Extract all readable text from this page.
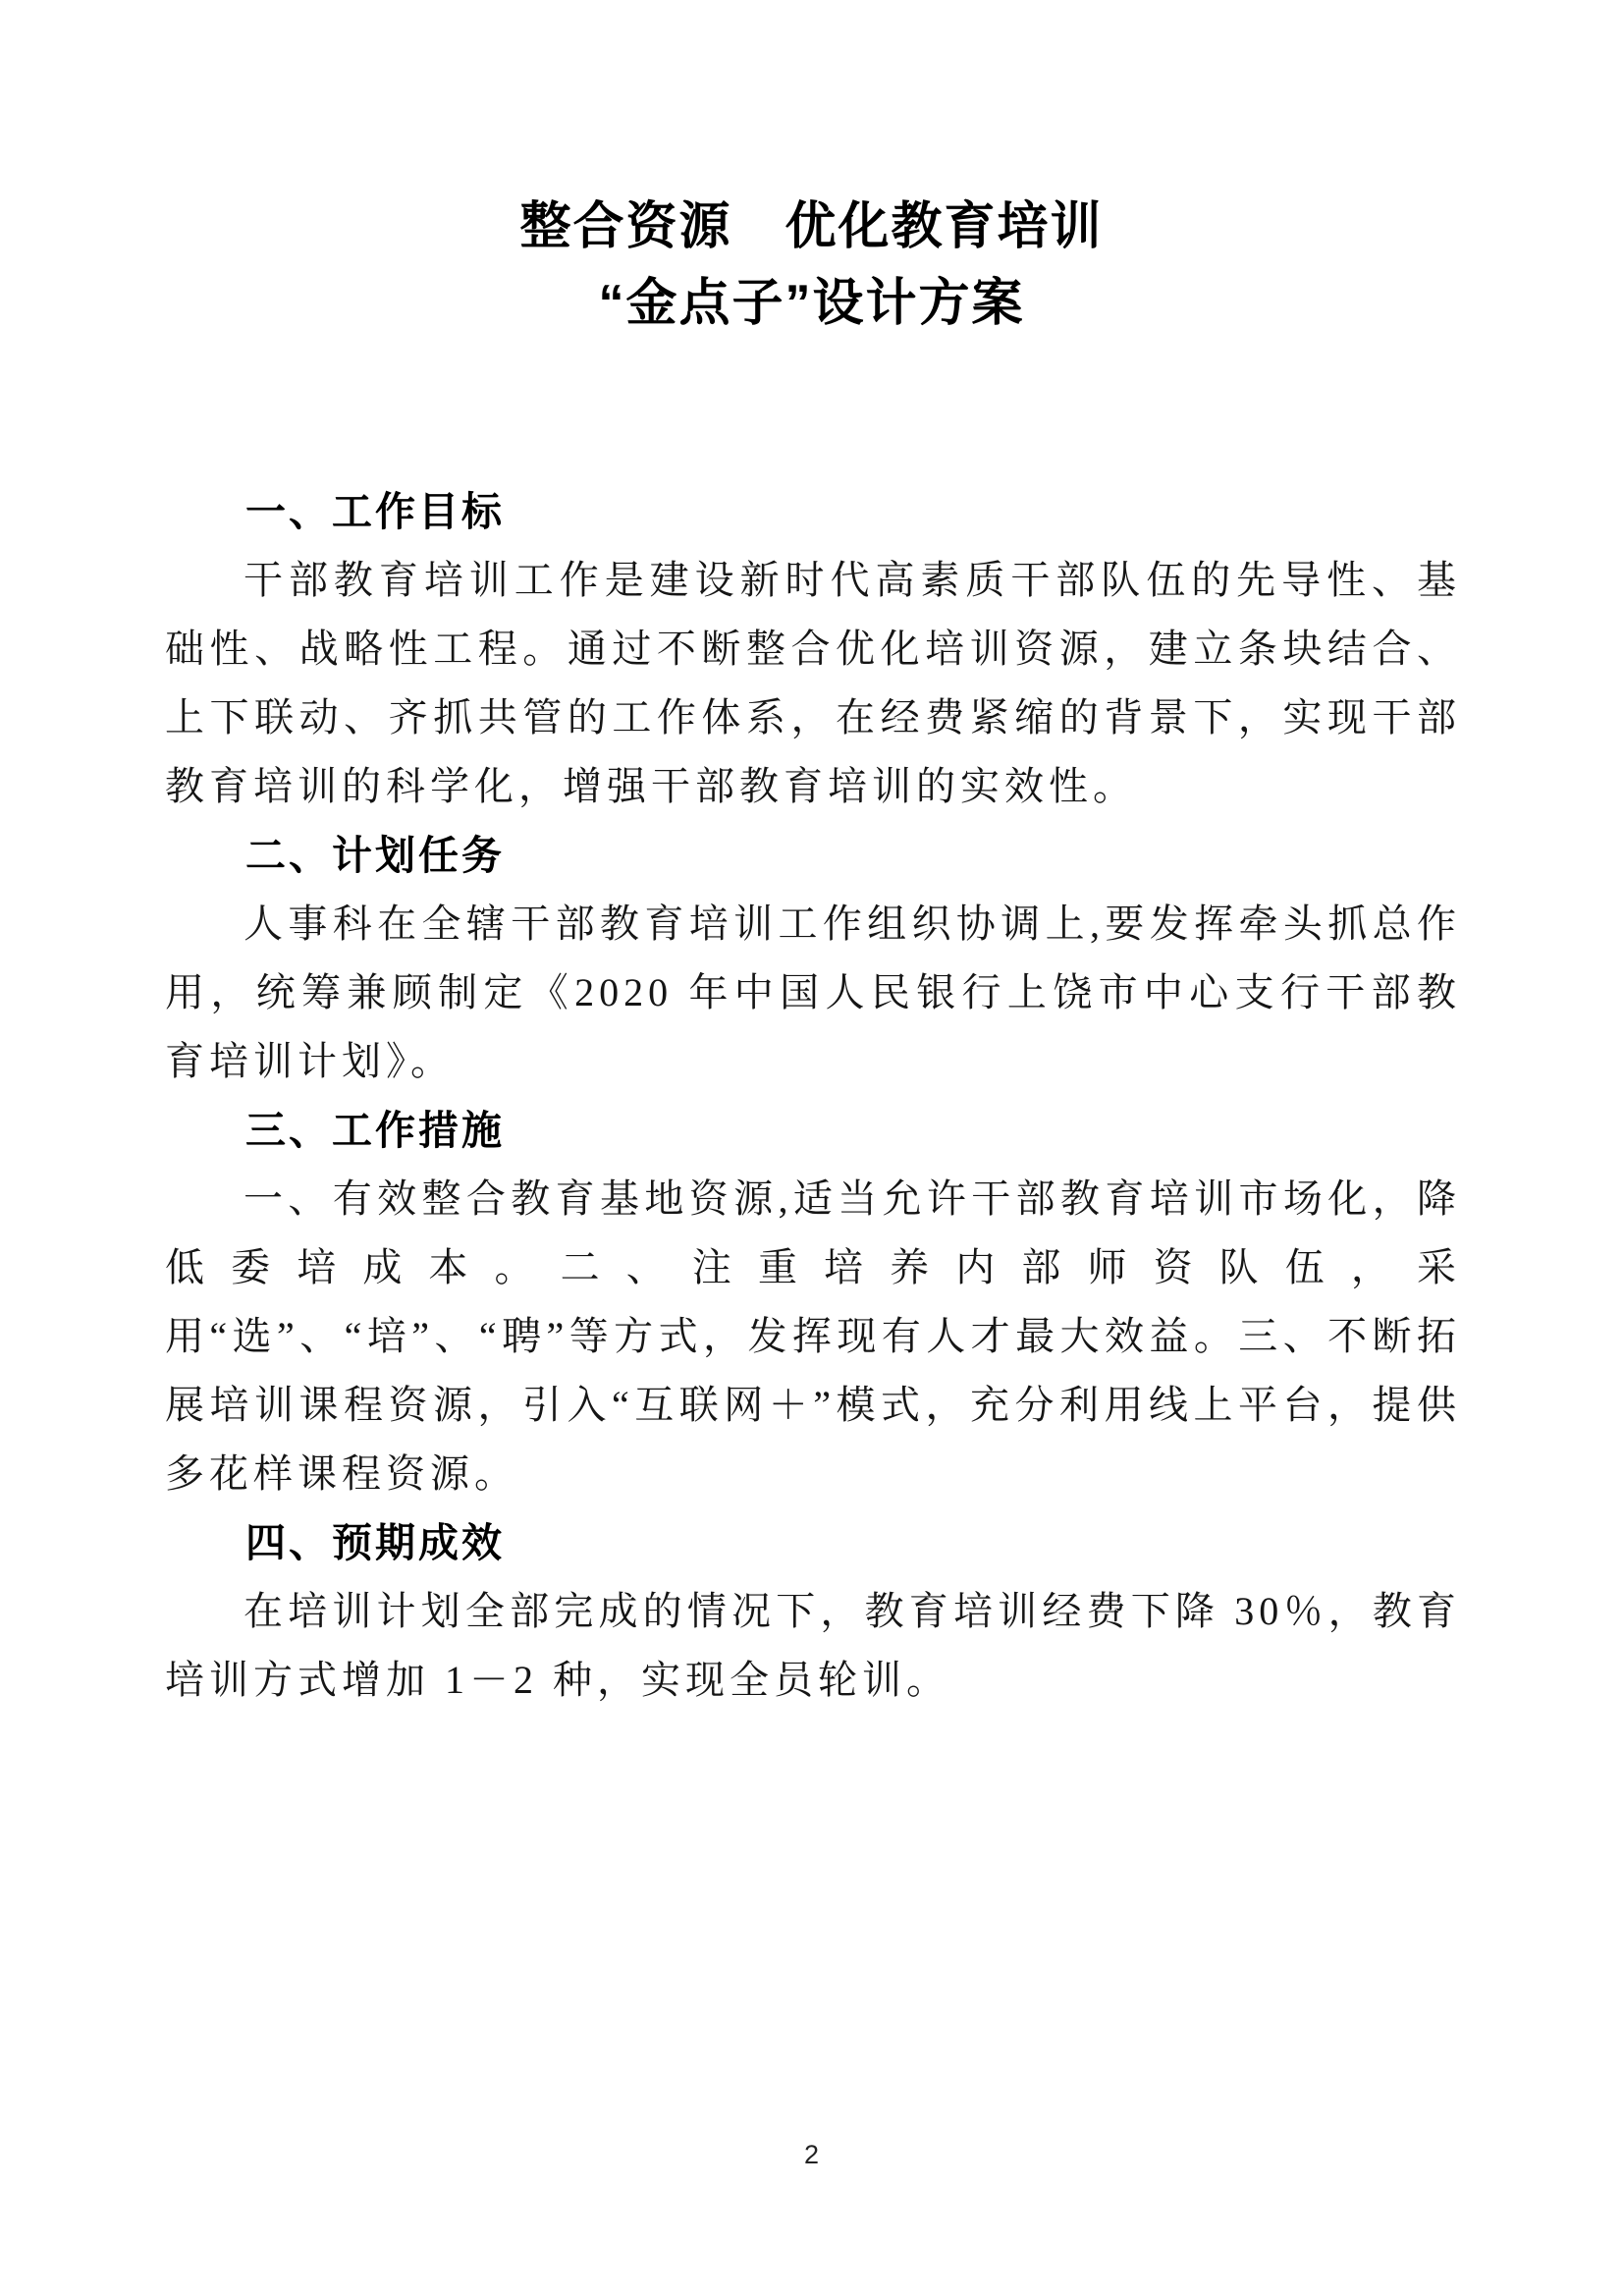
整合资源　优化教育培训
“金点子”设计方案
一、工作目标

干部教育培训工作是建设新时代高素质干部队伍的先导性、基础性、战略性工程。通过不断整合优化培训资源，建立条块结合、上下联动、齐抓共管的工作体系，在经费紧缩的背景下，实现干部教育培训的科学化，增强干部教育培训的实效性。

二、计划任务

人事科在全辖干部教育培训工作组织协调上,要发挥牵头抓总作用，统筹兼顾制定《2020 年中国人民银行上饶市中心支行干部教育培训计划》。

三、工作措施

一、有效整合教育基地资源,适当允许干部教育培训市场化，降低委培成本。二、注重培养内部师资队伍，采用“选”、“培”、“聘”等方式，发挥现有人才最大效益。三、不断拓展培训课程资源，引入“互联网＋”模式，充分利用线上平台，提供多花样课程资源。

四、预期成效

在培训计划全部完成的情况下，教育培训经费下降 30％，教育培训方式增加 1－2 种，实现全员轮训。

2
